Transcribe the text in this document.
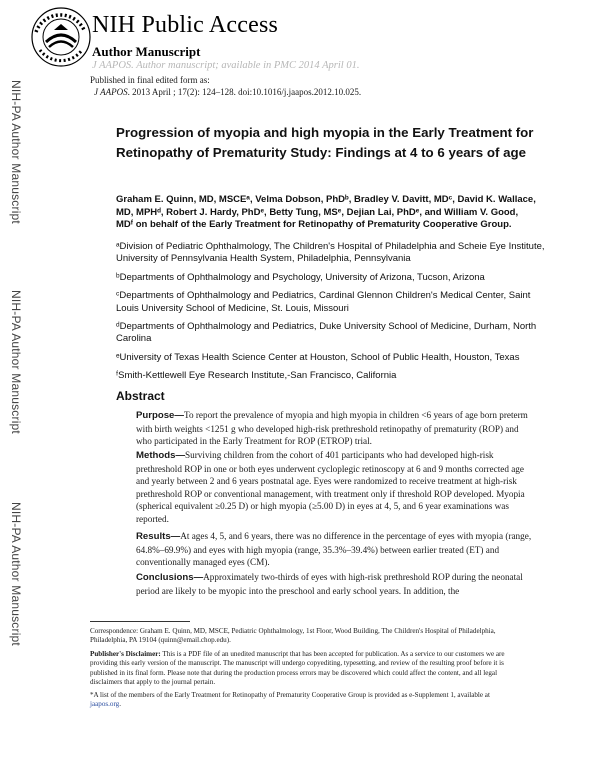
NIH Public Access
Author Manuscript
J AAPOS. Author manuscript; available in PMC 2014 April 01.
NIH-PA Author Manuscript
NIH-PA Author Manuscript
NIH-PA Author Manuscript
Published in final edited form as:
J AAPOS. 2013 April ; 17(2): 124–128. doi:10.1016/j.jaapos.2012.10.025.
Progression of myopia and high myopia in the Early Treatment for Retinopathy of Prematurity Study: Findings at 4 to 6 years of age
Graham E. Quinn, MD, MSCEᵃ, Velma Dobson, PhDᵇ, Bradley V. Davitt, MDᶜ, David K. Wallace, MD, MPHᵈ, Robert J. Hardy, PhDᵉ, Betty Tung, MSᵉ, Dejian Lai, PhDᵉ, and William V. Good, MDᶠ on behalf of the Early Treatment for Retinopathy of Prematurity Cooperative Group.
ᵃDivision of Pediatric Ophthalmology, The Children's Hospital of Philadelphia and Scheie Eye Institute, University of Pennsylvania Health System, Philadelphia, Pennsylvania
ᵇDepartments of Ophthalmology and Psychology, University of Arizona, Tucson, Arizona
ᶜDepartments of Ophthalmology and Pediatrics, Cardinal Glennon Children's Medical Center, Saint Louis University School of Medicine, St. Louis, Missouri
ᵈDepartments of Ophthalmology and Pediatrics, Duke University School of Medicine, Durham, North Carolina
ᵉUniversity of Texas Health Science Center at Houston, School of Public Health, Houston, Texas
ᶠSmith-Kettlewell Eye Research Institute,-San Francisco, California
Abstract
Purpose—To report the prevalence of myopia and high myopia in children <6 years of age born preterm with birth weights <1251 g who developed high-risk prethreshold retinopathy of prematurity (ROP) and who participated in the Early Treatment for ROP (ETROP) trial.
Methods—Surviving children from the cohort of 401 participants who had developed high-risk prethreshold ROP in one or both eyes underwent cycloplegic retinoscopy at 6 and 9 months corrected age and yearly between 2 and 6 years postnatal age. Eyes were randomized to receive treatment at high-risk prethreshold ROP or conventional management, with treatment only if threshold ROP developed. Myopia (spherical equivalent ≥0.25 D) or high myopia (≥5.00 D) in eyes at 4, 5, and 6 year examinations was reported.
Results—At ages 4, 5, and 6 years, there was no difference in the percentage of eyes with myopia (range, 64.8%–69.9%) and eyes with high myopia (range, 35.3%–39.4%) between earlier treated (ET) and conventionally managed eyes (CM).
Conclusions—Approximately two-thirds of eyes with high-risk prethreshold ROP during the neonatal period are likely to be myopic into the preschool and early school years. In addition, the
Correspondence: Graham E. Quinn, MD, MSCE, Pediatric Ophthalmology, 1st Floor, Wood Building, The Children's Hospital of Philadelphia, Philadelphia, PA 19104 (quinn@email.chop.edu).
Publisher's Disclaimer: This is a PDF file of an unedited manuscript that has been accepted for publication. As a service to our customers we are providing this early version of the manuscript. The manuscript will undergo copyediting, typesetting, and review of the resulting proof before it is published in its final form. Please note that during the production process errors may be discovered which could affect the content, and all legal disclaimers that apply to the journal pertain.
*A list of the members of the Early Treatment for Retinopathy of Prematurity Cooperative Group is provided as e-Supplement 1, available at jaapos.org.
